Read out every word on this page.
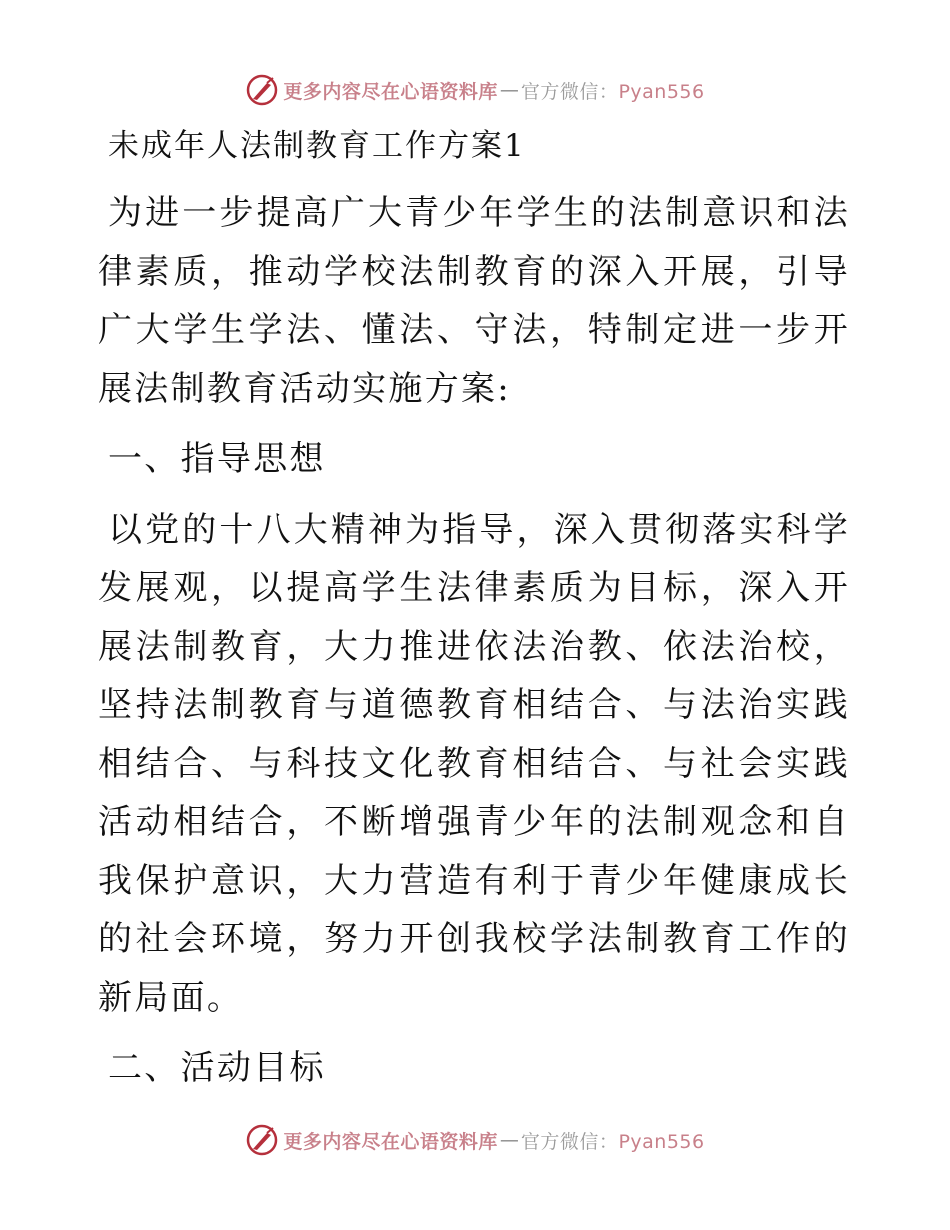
更多内容尽在心语资料库 — 官方微信：Pyan556
未成年人法制教育工作方案1

为进一步提高广大青少年学生的法制意识和法律素质，推动学校法制教育的深入开展，引导广大学生学法、懂法、守法，特制定进一步开展法制教育活动实施方案:

一、指导思想

以党的十八大精神为指导，深入贯彻落实科学发展观，以提高学生法律素质为目标，深入开展法制教育，大力推进依法治教、依法治校，坚持法制教育与道德教育相结合、与法治实践相结合、与科技文化教育相结合、与社会实践活动相结合，不断增强青少年的法制观念和自我保护意识，大力营造有利于青少年健康成长的社会环境，努力开创我校学法制教育工作的新局面。

二、活动目标
更多内容尽在心语资料库 — 官方微信：Pyan556
